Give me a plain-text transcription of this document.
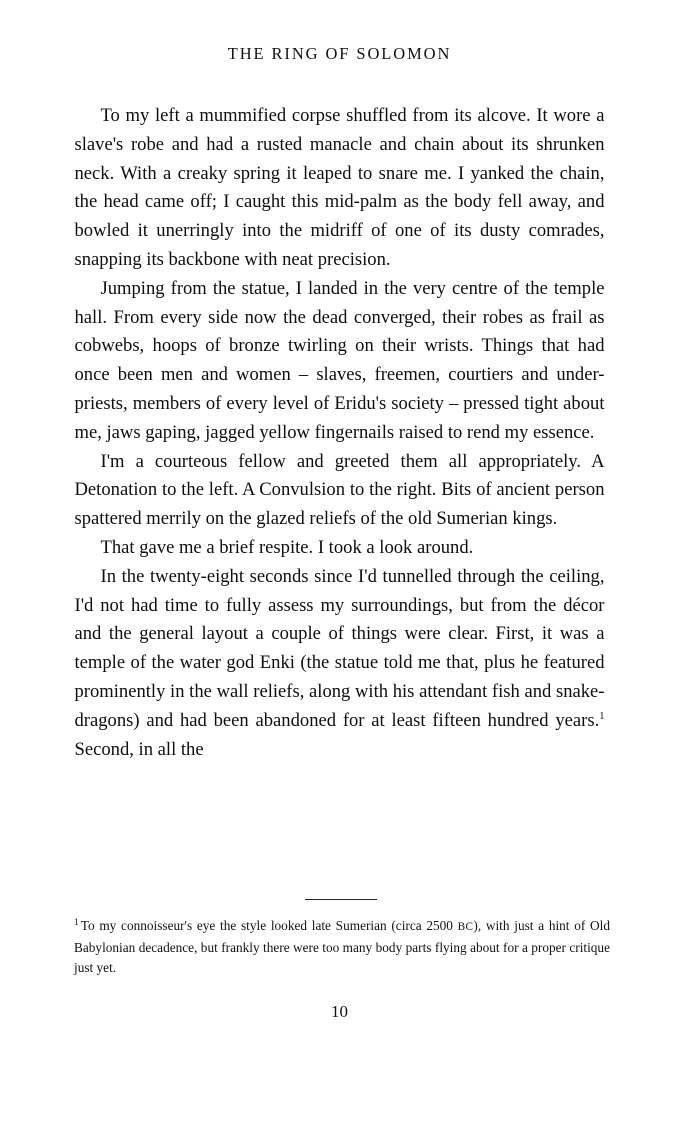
THE RING OF SOLOMON

To my left a mummified corpse shuffled from its alcove. It wore a slave's robe and had a rusted manacle and chain about its shrunken neck. With a creaky spring it leaped to snare me. I yanked the chain, the head came off; I caught this mid-palm as the body fell away, and bowled it unerringly into the midriff of one of its dusty comrades, snapping its backbone with neat precision.

Jumping from the statue, I landed in the very centre of the temple hall. From every side now the dead converged, their robes as frail as cobwebs, hoops of bronze twirling on their wrists. Things that had once been men and women – slaves, freemen, courtiers and under-priests, members of every level of Eridu's society – pressed tight about me, jaws gaping, jagged yellow fingernails raised to rend my essence.

I'm a courteous fellow and greeted them all appropriately. A Detonation to the left. A Convulsion to the right. Bits of ancient person spattered merrily on the glazed reliefs of the old Sumerian kings.

That gave me a brief respite. I took a look around.

In the twenty-eight seconds since I'd tunnelled through the ceiling, I'd not had time to fully assess my surroundings, but from the décor and the general layout a couple of things were clear. First, it was a temple of the water god Enki (the statue told me that, plus he featured prominently in the wall reliefs, along with his attendant fish and snake-dragons) and had been abandoned for at least fifteen hundred years.$^1$ Second, in all the

$^1$ To my connoisseur's eye the style looked late Sumerian (circa 2500 BC), with just a hint of Old Babylonian decadence, but frankly there were too many body parts flying about for a proper critique just yet.
10
